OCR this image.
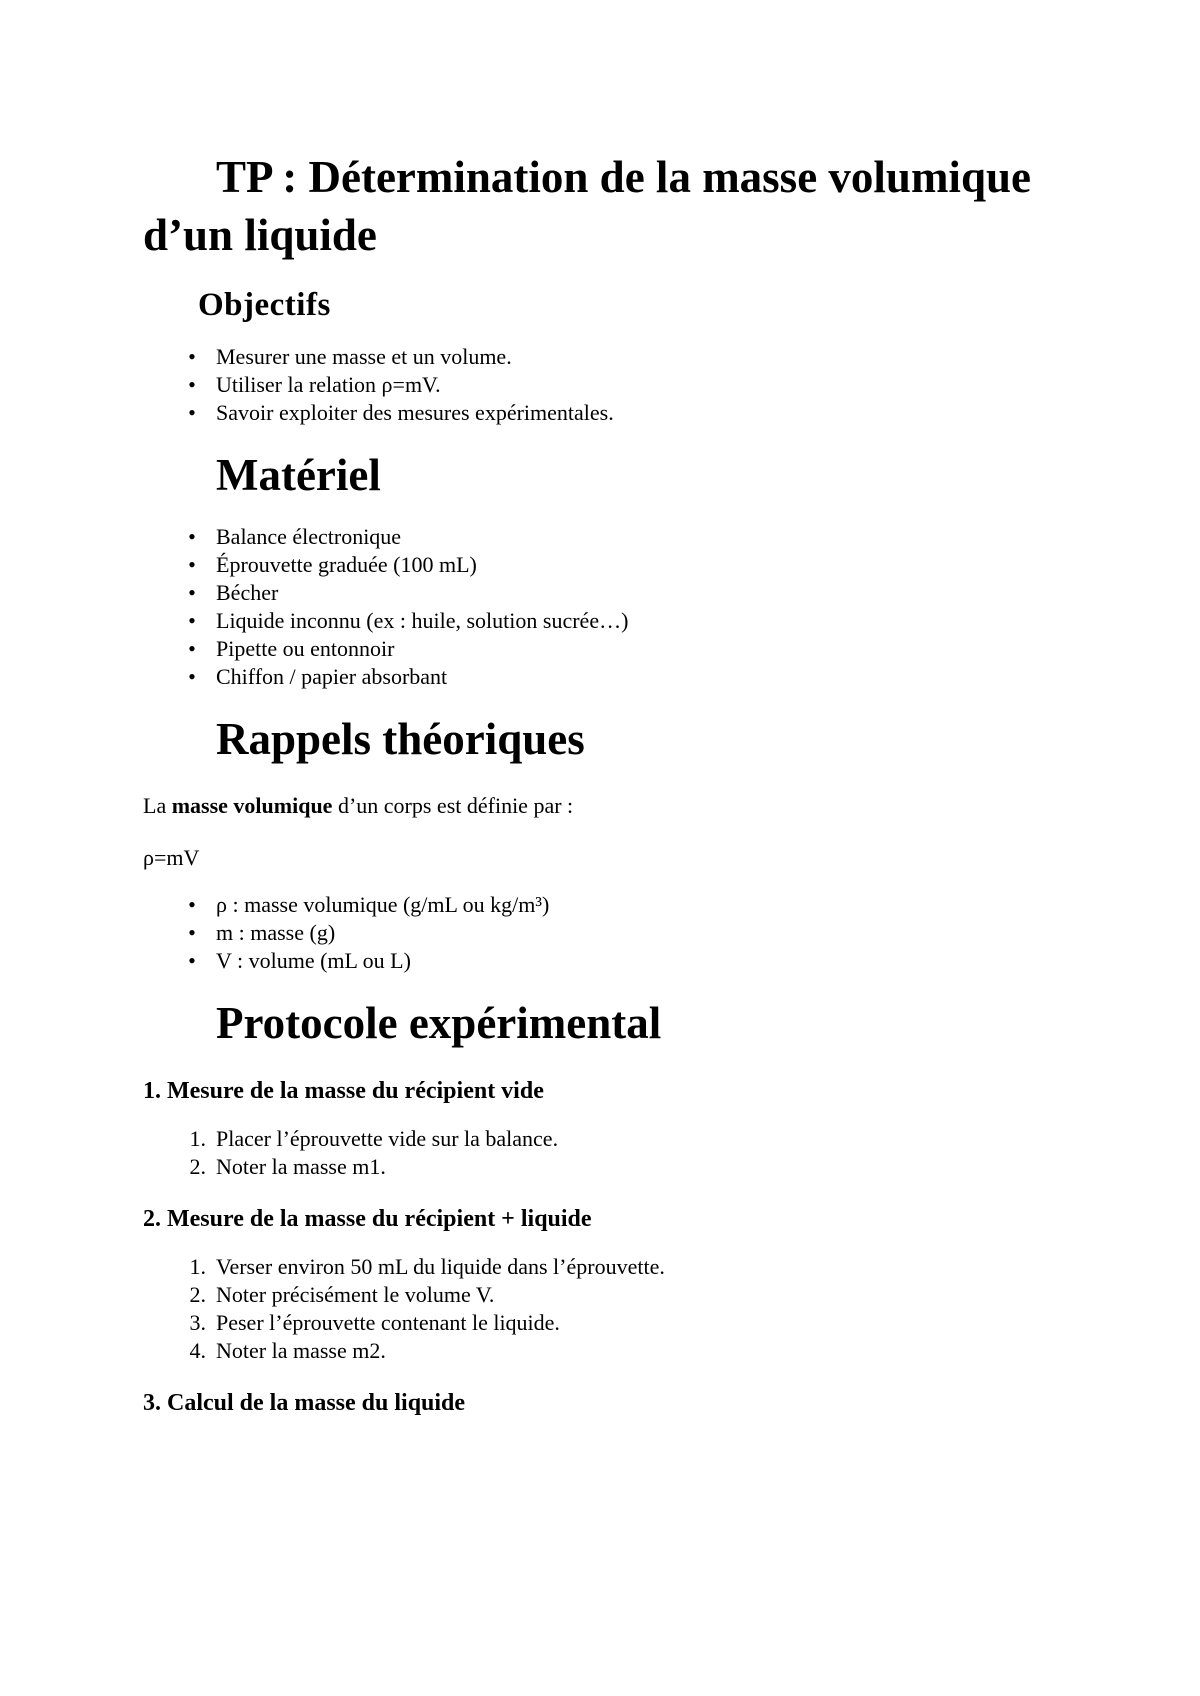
TP : Détermination de la masse volumique d’un liquide
Objectifs
• Mesurer une masse et un volume.
• Utiliser la relation ρ=mV.
• Savoir exploiter des mesures expérimentales.
Matériel
• Balance électronique
• Éprouvette graduée (100 mL)
• Bécher
• Liquide inconnu (ex : huile, solution sucrée…)
• Pipette ou entonnoir
• Chiffon / papier absorbant
Rappels théoriques

La masse volumique d’un corps est définie par :

ρ=mV

• ρ : masse volumique (g/mL ou kg/m³)
• m : masse (g)
• V : volume (mL ou L)
Protocole expérimental
1. Mesure de la masse du récipient vide
1. Placer l’éprouvette vide sur la balance.
2. Noter la masse m1.
2. Mesure de la masse du récipient + liquide
1. Verser environ 50 mL du liquide dans l’éprouvette.
2. Noter précisément le volume V.
3. Peser l’éprouvette contenant le liquide.
4. Noter la masse m2.
3. Calcul de la masse du liquide
